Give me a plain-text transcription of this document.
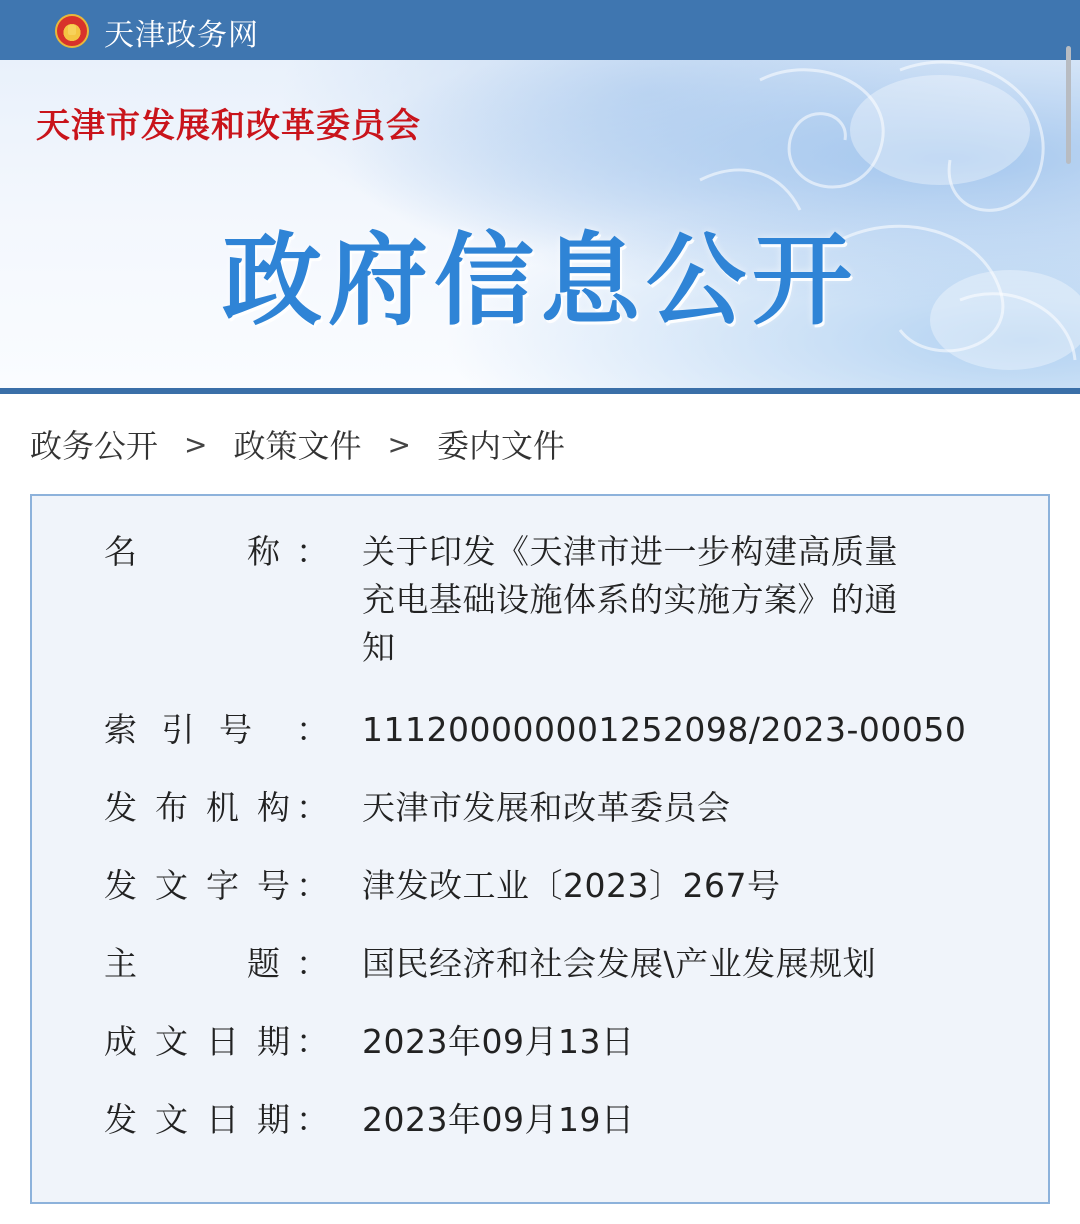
天津政务网
天津市发展和改革委员会
政府信息公开
政务公开 > 政策文件 > 委内文件
名	称 ： 关于印发《天津市进一步构建高质量充电基础设施体系的实施方案》的通知
索 引 号 ： 111200000001252098/2023-00050
发 布 机 构 ： 天津市发展和改革委员会
发 文 字 号 ： 津发改工业〔2023〕267号
主	题 ： 国民经济和社会发展\产业发展规划
成 文 日 期 ： 2023年09月13日
发 文 日 期 ： 2023年09月19日
